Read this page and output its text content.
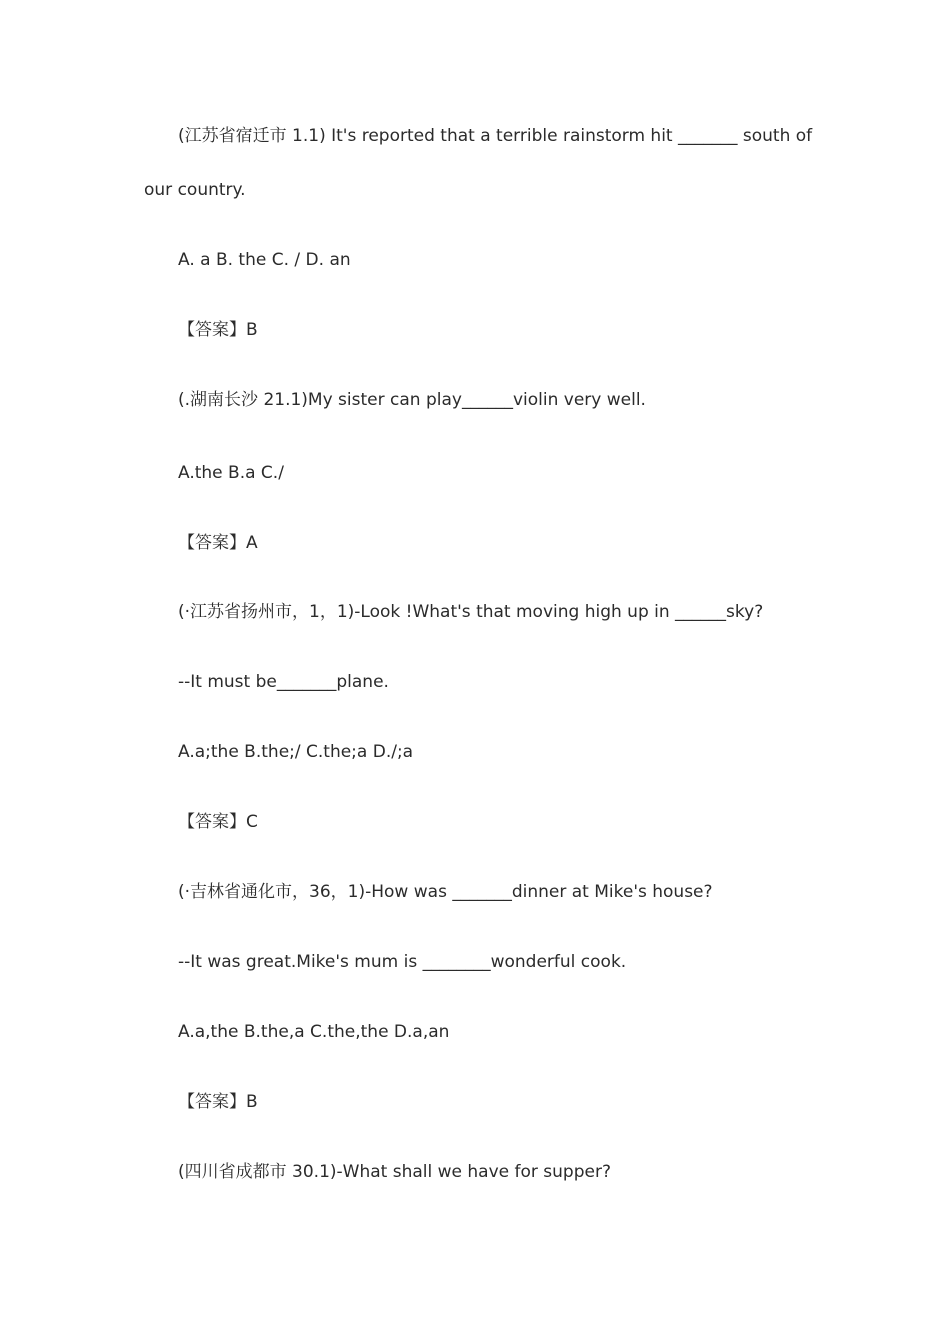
(江苏省宿迁市 1.1) It's reported that a terrible rainstorm hit _______ south of
our country.
A. a B. the C. / D. an
【答案】B
(.湖南长沙 21.1)My sister can play______violin very well.
A.the B.a C./
【答案】A
(·江苏省扬州市，1，1)-Look !What's that moving high up in ______sky?
--It must be_______plane.
A.a;the B.the;/ C.the;a D./;a
【答案】C
(·吉林省通化市，36，1)-How was _______dinner at Mike's house?
--It was great.Mike's mum is ________wonderful cook.
A.a,the B.the,a C.the,the D.a,an
【答案】B
(四川省成都市 30.1)-What shall we have for supper?
